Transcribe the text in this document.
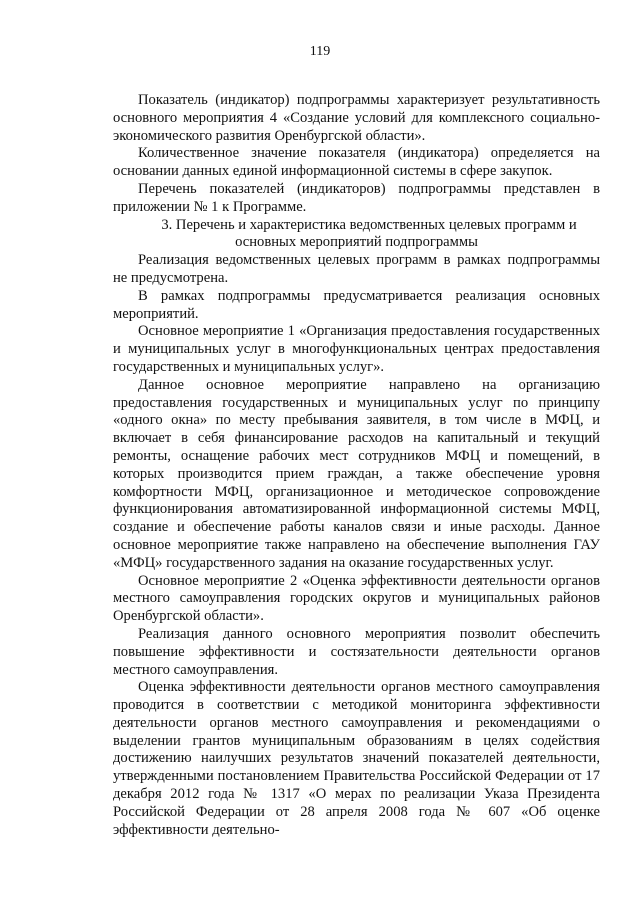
119

Показатель (индикатор) подпрограммы характеризует результативность основного мероприятия 4 «Создание условий для комплексного социально-экономического развития Оренбургской области».

Количественное значение показателя (индикатора) определяется на основании данных единой информационной системы в сфере закупок.

Перечень показателей (индикаторов) подпрограммы представлен в приложении № 1 к Программе.

3. Перечень и характеристика ведомственных целевых программ и основных мероприятий подпрограммы

Реализация ведомственных целевых программ в рамках подпрограммы не предусмотрена.

В рамках подпрограммы предусматривается реализация основных мероприятий.

Основное мероприятие 1 «Организация предоставления государственных и муниципальных услуг в многофункциональных центрах предоставления государственных и муниципальных услуг».

Данное основное мероприятие направлено на организацию предоставления государственных и муниципальных услуг по принципу «одного окна» по месту пребывания заявителя, в том числе в МФЦ, и включает в себя финансирование расходов на капитальный и текущий ремонты, оснащение рабочих мест сотрудников МФЦ и помещений, в которых производится прием граждан, а также обеспечение уровня комфортности МФЦ, организационное и методическое сопровождение функционирования автоматизированной информационной системы МФЦ, создание и обеспечение работы каналов связи и иные расходы. Данное основное мероприятие также направлено на обеспечение выполнения ГАУ «МФЦ» государственного задания на оказание государственных услуг.

Основное мероприятие 2 «Оценка эффективности деятельности органов местного самоуправления городских округов и муниципальных районов Оренбургской области».

Реализация данного основного мероприятия позволит обеспечить повышение эффективности и состязательности деятельности органов местного самоуправления.

Оценка эффективности деятельности органов местного самоуправления проводится в соответствии с методикой мониторинга эффективности деятельности органов местного самоуправления и рекомендациями о выделении грантов муниципальным образованиям в целях содействия достижению наилучших результатов значений показателей деятельности, утвержденными постановлением Правительства Российской Федерации от 17 декабря 2012 года № 1317 «О мерах по реализации Указа Президента Российской Федерации от 28 апреля 2008 года № 607 «Об оценке эффективности деятельно-
